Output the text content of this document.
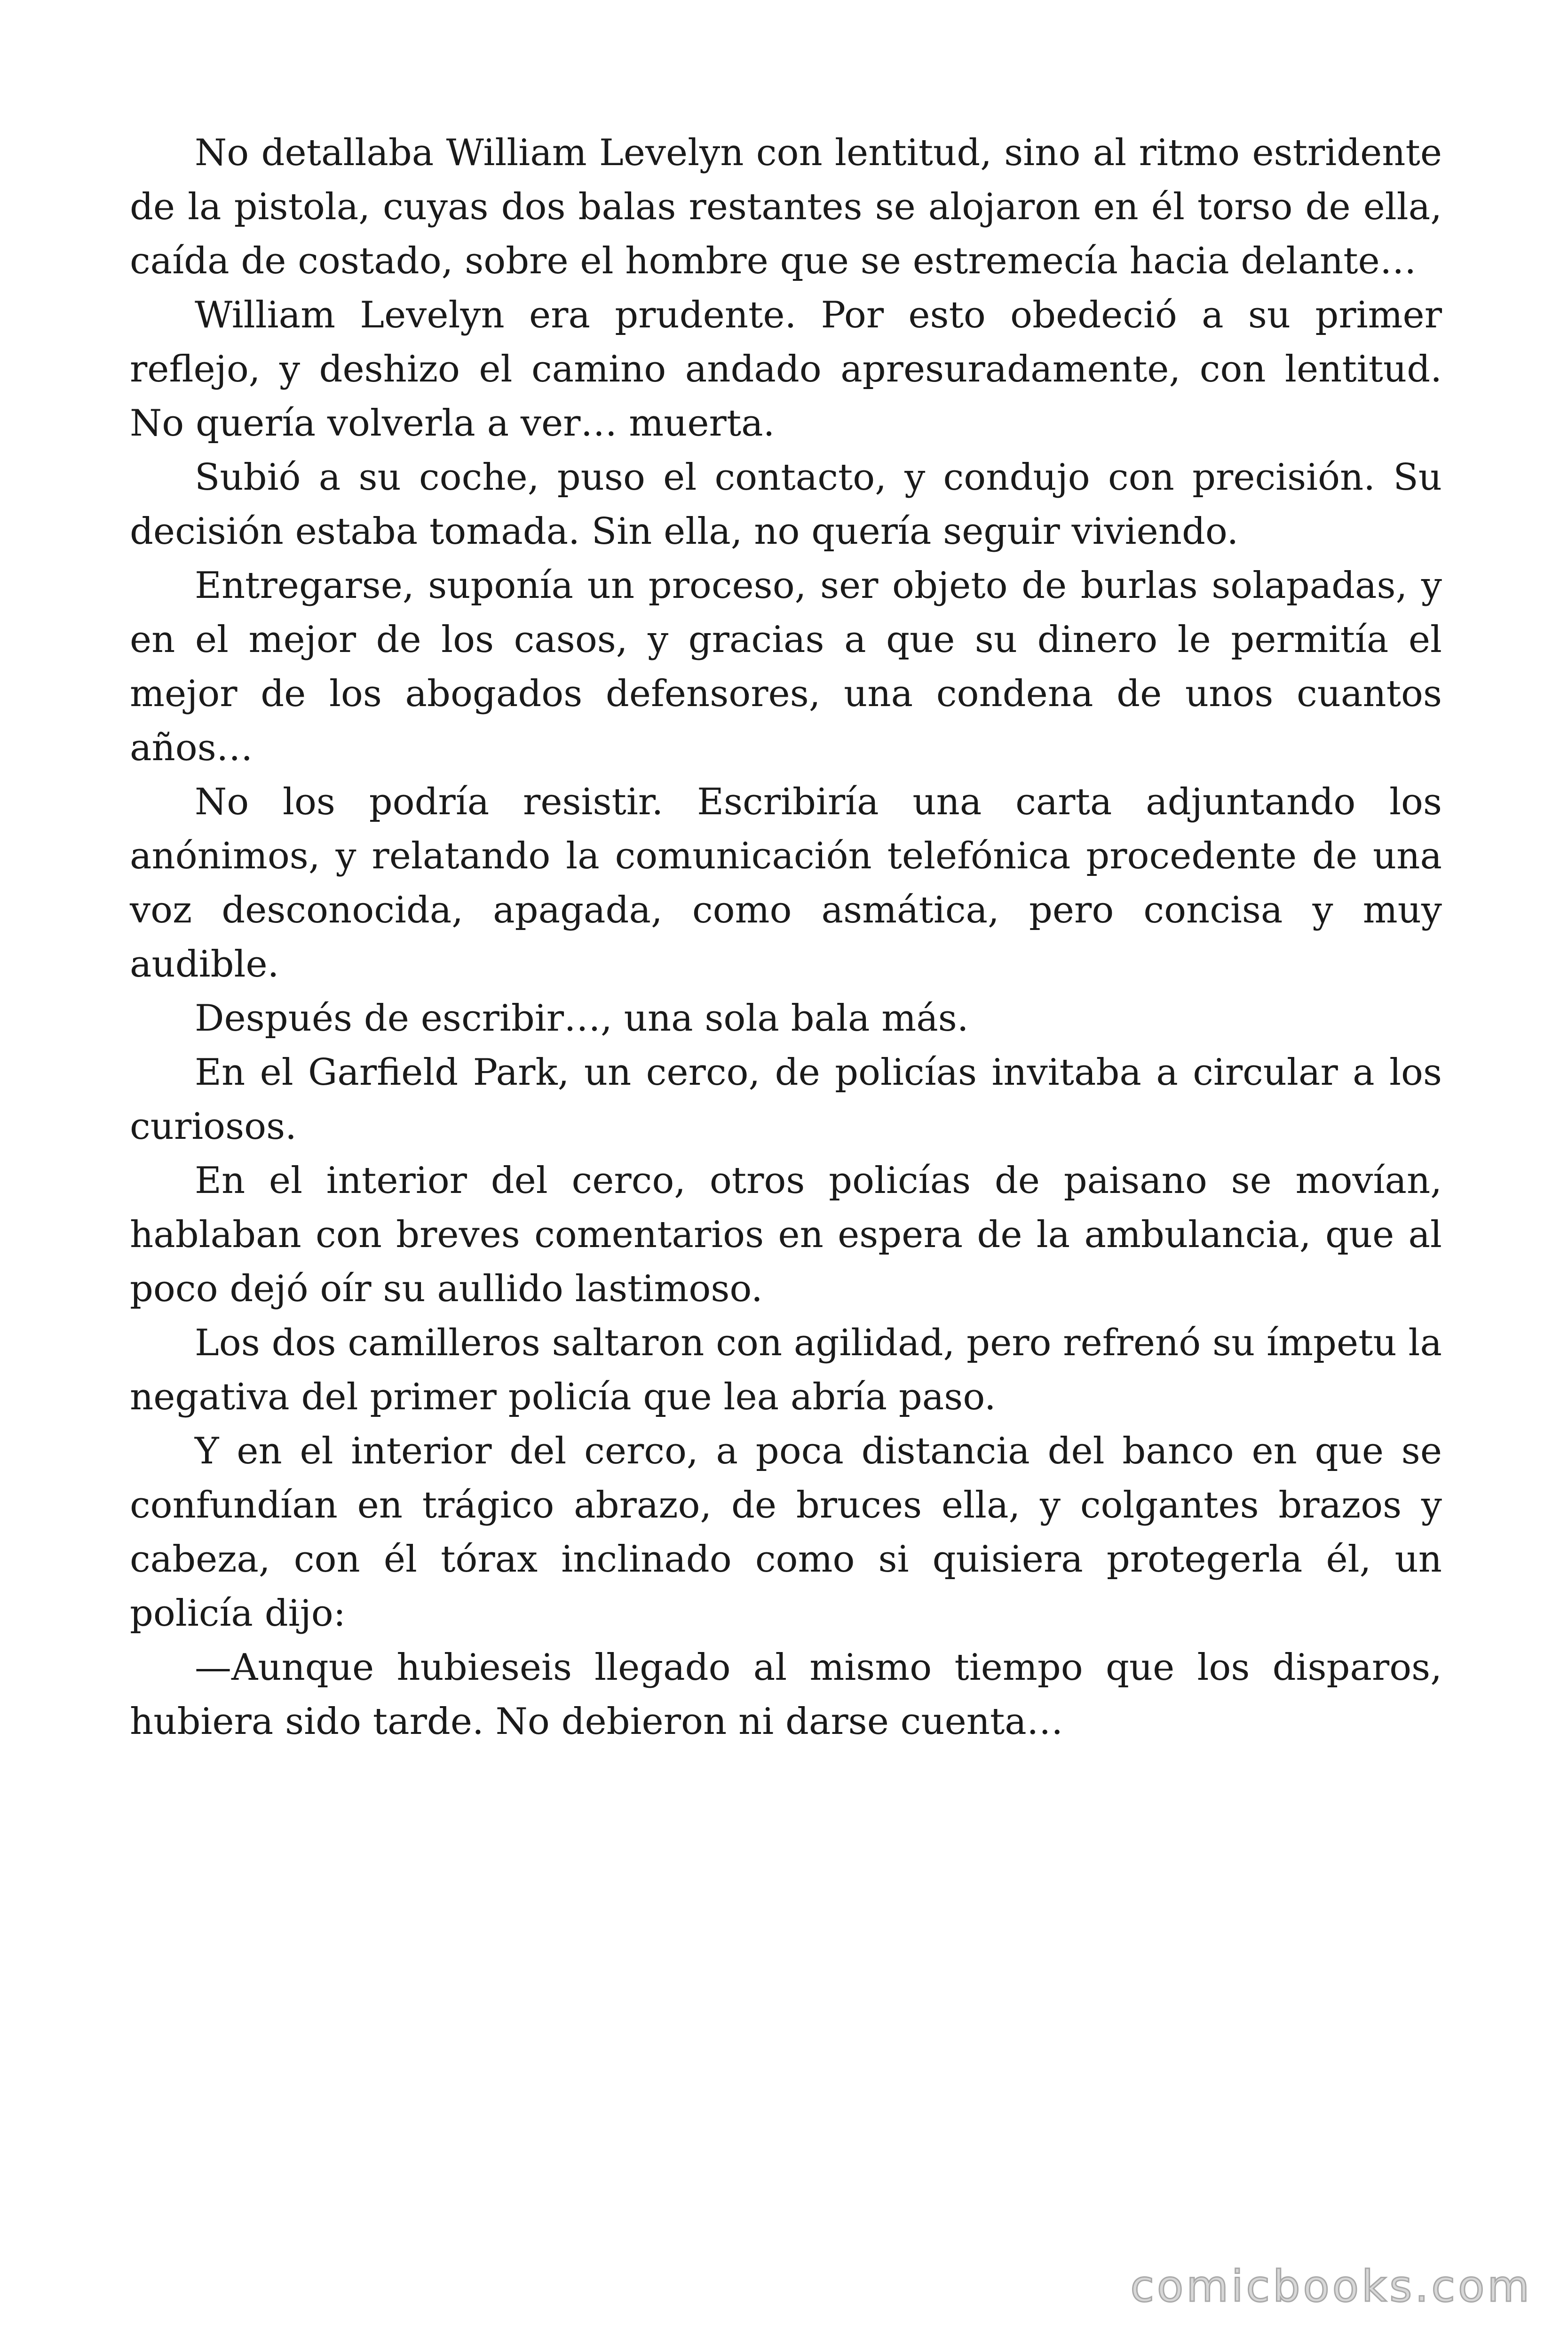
No detallaba William Levelyn con lentitud, sino al ritmo estridente de la pistola, cuyas dos balas restantes se alojaron en él torso de ella, caída de costado, sobre el hombre que se estremecía hacia delante…

William Levelyn era prudente. Por esto obedeció a su primer reflejo, y deshizo el camino andado apresuradamente, con lentitud. No quería volverla a ver… muerta.

Subió a su coche, puso el contacto, y condujo con precisión. Su decisión estaba tomada. Sin ella, no quería seguir viviendo.

Entregarse, suponía un proceso, ser objeto de burlas solapadas, y en el mejor de los casos, y gracias a que su dinero le permitía el mejor de los abogados defensores, una condena de unos cuantos años…

No los podría resistir. Escribiría una carta adjuntando los anónimos, y relatando la comunicación telefónica procedente de una voz desconocida, apagada, como asmática, pero concisa y muy audible.

Después de escribir…, una sola bala más.

En el Garfield Park, un cerco, de policías invitaba a circular a los curiosos.

En el interior del cerco, otros policías de paisano se movían, hablaban con breves comentarios en espera de la ambulancia, que al poco dejó oír su aullido lastimoso.

Los dos camilleros saltaron con agilidad, pero refrenó su ímpetu la negativa del primer policía que lea abría paso.

Y en el interior del cerco, a poca distancia del banco en que se confundían en trágico abrazo, de bruces ella, y colgantes brazos y cabeza, con él tórax inclinado como si quisiera protegerla él, un policía dijo:

—Aunque hubieseis llegado al mismo tiempo que los disparos, hubiera sido tarde. No debieron ni darse cuenta…

comicbooks.com
